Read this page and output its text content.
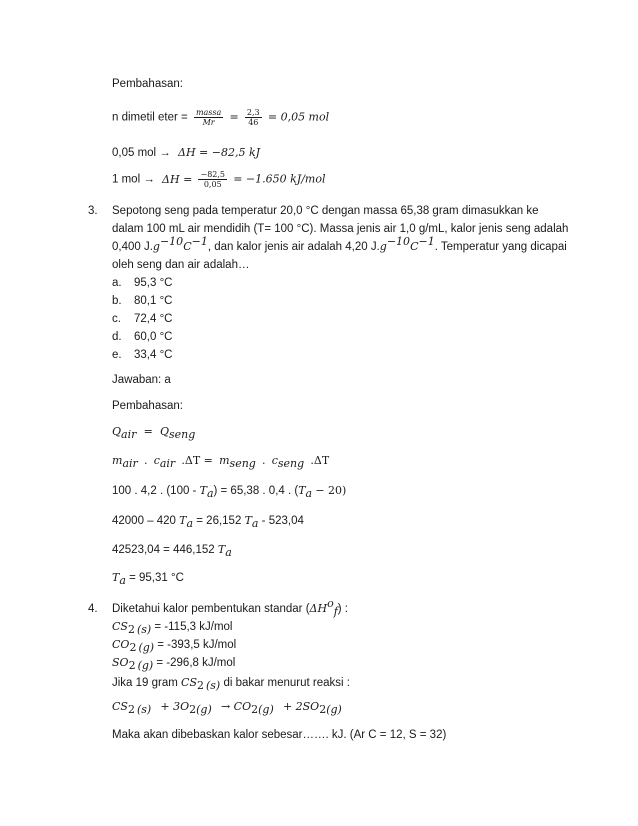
Pembahasan:
n dimetil eter = $\frac{\text{massa}}{Mr} = \frac{2,3}{46} = 0,05$ mol
0,05 mol → ΔH = −82,5 kJ
1 mol → $\Delta H = \frac{-82,5}{0,05} = -1.650$ kJ/mol
3. Sepotong seng pada temperatur 20,0 °C dengan massa 65,38 gram dimasukkan ke
dalam 100 mL air mendidih (T= 100 °C). Massa jenis air 1,0 g/mL, kalor jenis seng adalah
0,400 $J.g^{-10}C^{-1}$, dan kalor jenis air adalah 4,20 $J.g^{-10}C^{-1}$. Temperatur yang dicapai
oleh seng dan air adalah…
a. 95,3 °C
b. 80,1 °C
c. 72,4 °C
d. 60,0 °C
e. 33,4 °C
Jawaban: a
Pembahasan:
$Q_{air} = Q_{seng}$
$m_{air}$ . $c_{air}$ $.\Delta T = m_{seng}$ . $c_{seng}$ .ΔT
100 . 4,2 . $(100 - T_a) = 65,38$ . 0,4 . $(T_a - 20)$
42000 – 420 $T_a = 26,152$ $T_a - 523,04$
42523,04 = 446,152 $T_a$
$T_a = 95,31$ °C
4. Diketahui kalor pembentukan standar $(\Delta H^o_f)$ :
$CS_2$ $_{(s)}$ = -115,3 kJ/mol
$CO_2$ $_{(g)}$ = -393,5 kJ/mol
$SO_2$ $_{(g)}$ = -296,8 kJ/mol
Jika 19 gram $CS_2$ $_{(s)}$ di bakar menurut reaksi :
$CS_2$ $_{(s)} + 3O_{2(g)} \to CO_{2(g)} + 2SO_{2(g)}$
Maka akan dibebaskan kalor sebesar……. kJ. (Ar C = 12, S = 32)
